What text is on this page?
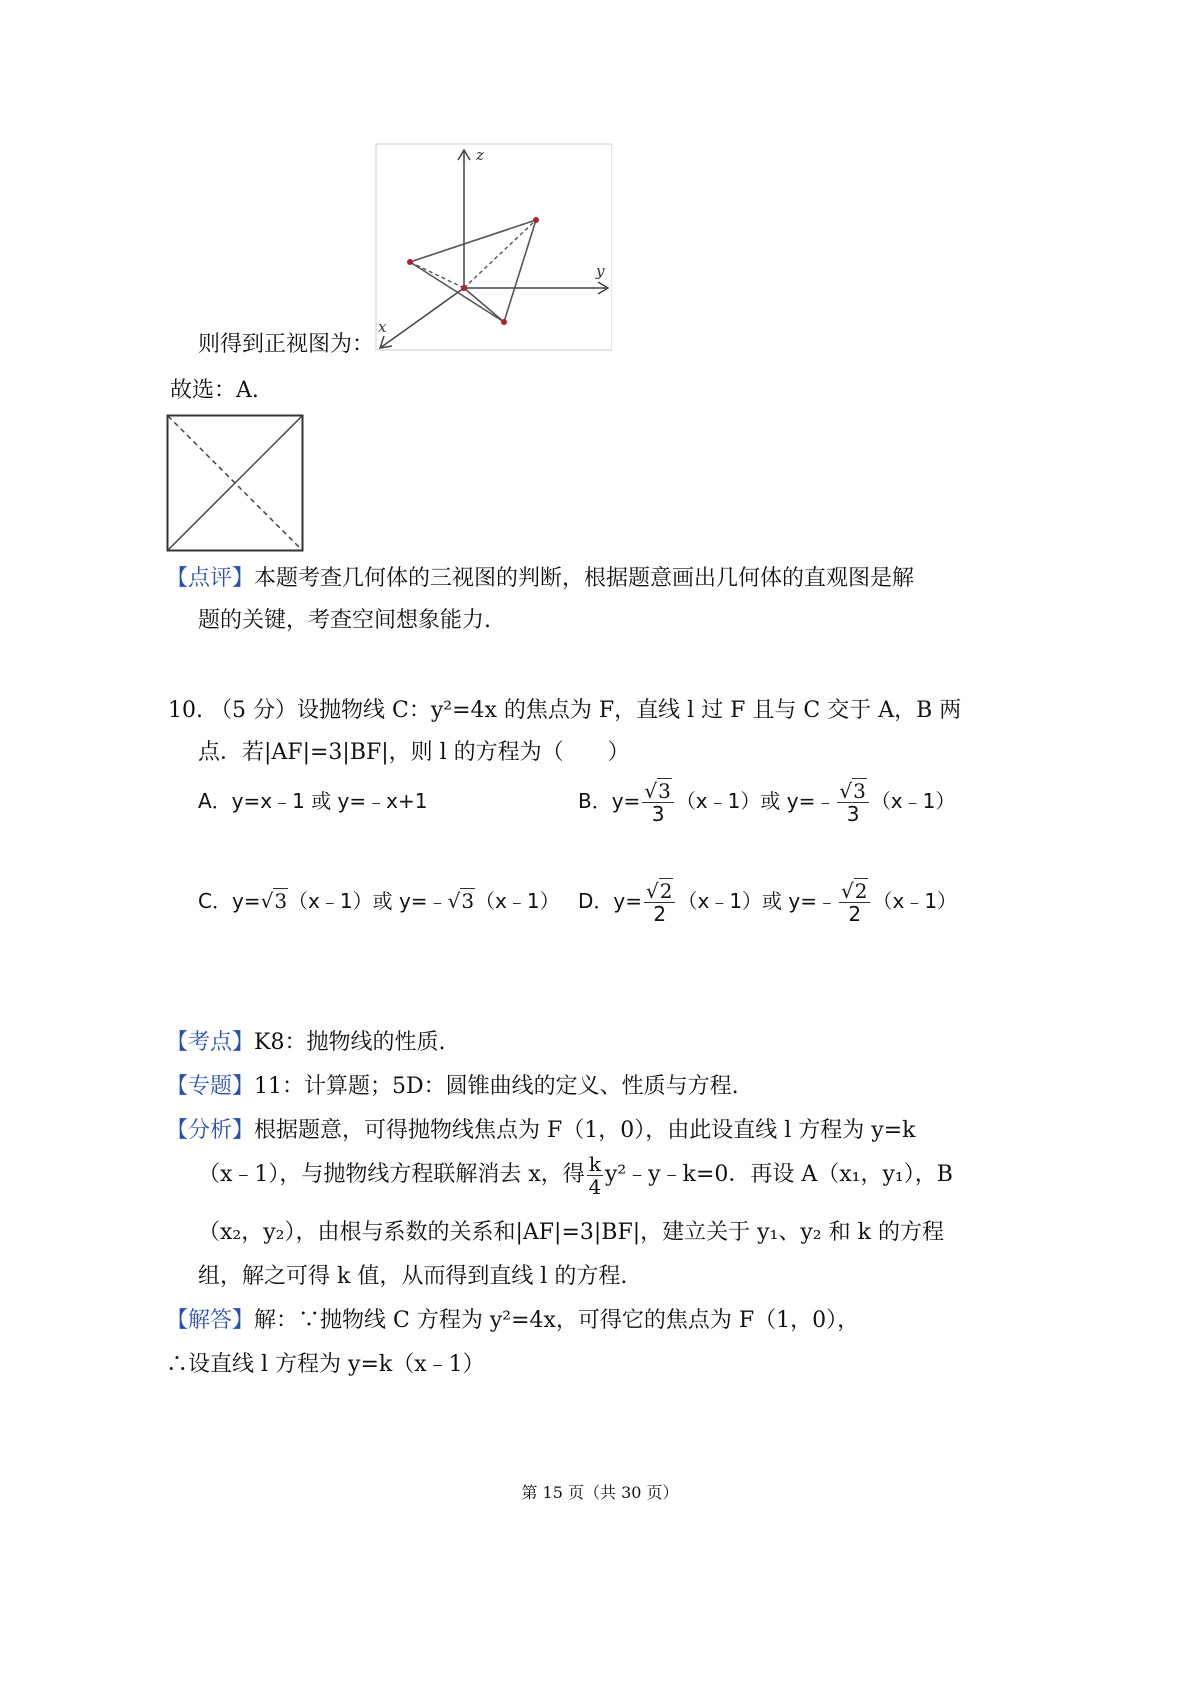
z
y
x
则得到正视图为：
故选：A.
【点评】本题考查几何体的三视图的判断，根据题意画出几何体的直观图是解
题的关键，考查空间想象能力.
10. （5 分）设抛物线 C：y²=4x 的焦点为 F，直线 l 过 F 且与 C 交于 A，B 两
点．若|AF|=3|BF|，则 l 的方程为（　　）
A．y=x﹣1 或 y=﹣x+1	B．$y= \frac{√3}{3}$ （x﹣1）或 y=﹣ $\frac{√3}{3}$ （x﹣1）
C．y=√3（x﹣1）或 y=﹣√3（x﹣1） D．$y= \frac{√2}{2}$ （x﹣1）或 y=﹣ $\frac{√2}{2}$ （x﹣1）
【考点】K8：抛物线的性质.
【专题】11：计算题；5D：圆锥曲线的定义、性质与方程.
【分析】根据题意，可得抛物线焦点为 F（1，0），由此设直线 l 方程为 y=k
（x﹣1），与抛物线方程联解消去 x，得 $\frac{k}{4}$ y²﹣y﹣k=0．再设 A（x₁，y₁），B
（x₂，y₂），由根与系数的关系和|AF|=3|BF|，建立关于 y₁、y₂ 和 k 的方程
组，解之可得 k 值，从而得到直线 l 的方程.
【解答】解：∵抛物线 C 方程为 y²=4x，可得它的焦点为 F（1，0），
∴设直线 l 方程为 y=k（x﹣1）
第 15 页（共 30 页）
